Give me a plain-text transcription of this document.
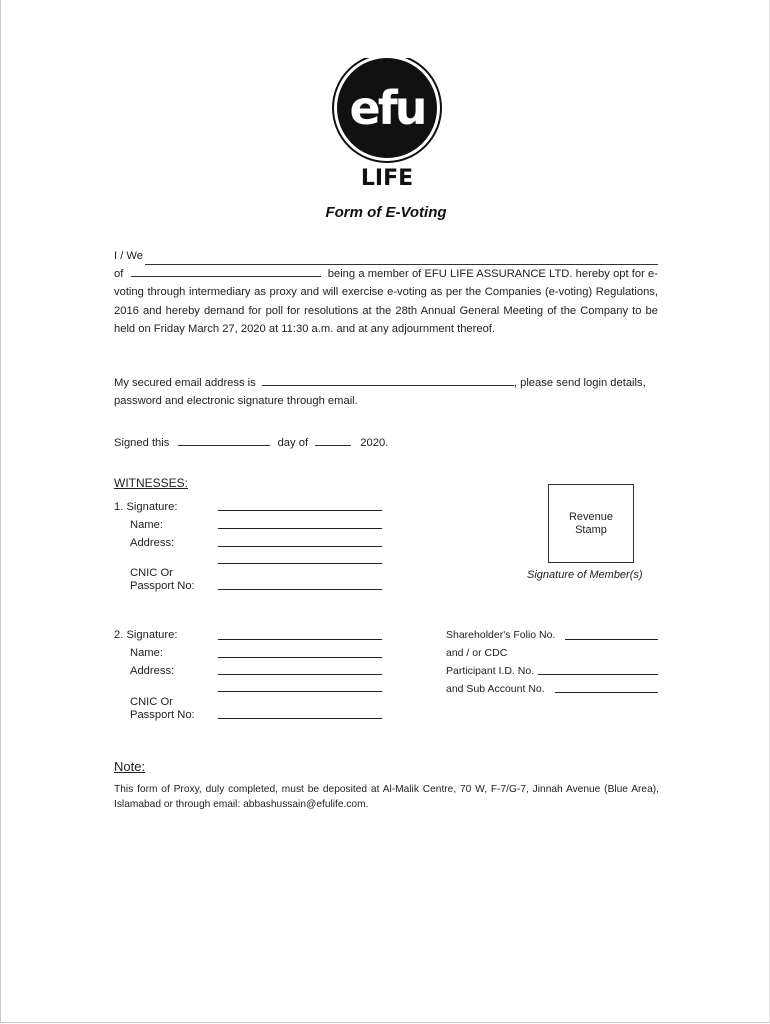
efu
LIFE
Form of E-Voting
I / We
of	being a member of EFU LIFE ASSURANCE LTD. hereby opt for e-voting through intermediary as proxy and will exercise e-voting as per the Companies (e-voting) Regulations, 2016 and hereby demand for poll for resolutions at the 28th Annual General Meeting of the Company to be held on Friday March 27, 2020 at 11:30 a.m. and at any adjournment thereof.
My secured email address is	, please send login details,
password and electronic signature through email.
Signed this	day of	2020.
WITNESSES:
1. Signature:
Name:
Address:
CNIC Or
Passport No:
Revenue
Stamp
Signature of Member(s)
2. Signature:
Name:
Address:
CNIC Or
Passport No:
Shareholder's Folio No.
and / or CDC
Participant I.D. No.
and Sub Account No.
Note:
This form of Proxy, duly completed, must be deposited at Al-Malik Centre, 70 W, F-7/G-7, Jinnah Avenue (Blue Area), Islamabad or through email: abbashussain@efulife.com.
